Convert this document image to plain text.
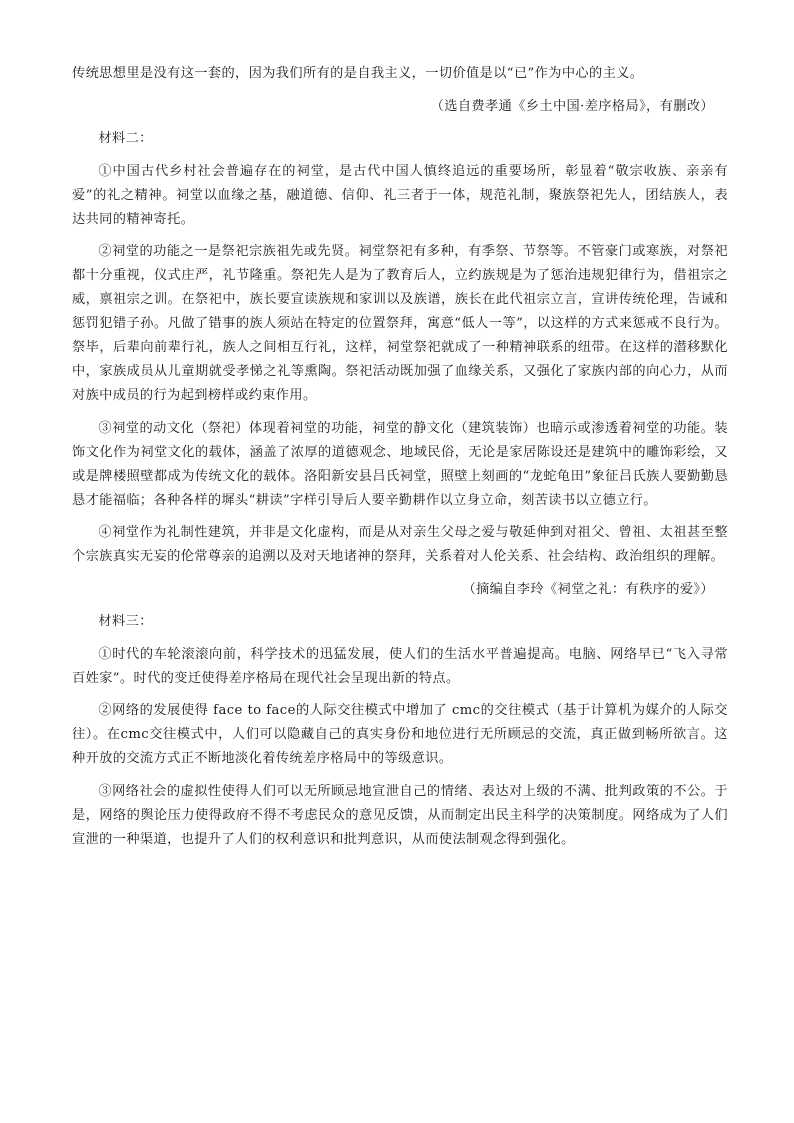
传统思想里是没有这一套的，因为我们所有的是自我主义，一切价值是以“已”作为中心的主义。

（选自费孝通《乡土中国·差序格局》，有删改）

材料二：

①中国古代乡村社会普遍存在的祠堂，是古代中国人慎终追远的重要场所，彰显着“敬宗收族、亲亲有爱”的礼之精神。祠堂以血缘之基，融道德、信仰、礼三者于一体，规范礼制，聚族祭祀先人，团结族人，表达共同的精神寄托。

②祠堂的功能之一是祭祀宗族祖先或先贤。祠堂祭祀有多种，有季祭、节祭等。不管豪门或寒族，对祭祀都十分重视，仪式庄严，礼节隆重。祭祀先人是为了教育后人，立约族规是为了惩治违规犯律行为，借祖宗之威，禀祖宗之训。在祭祀中，族长要宣读族规和家训以及族谱，族长在此代祖宗立言，宣讲传统伦理，告诫和惩罚犯错子孙。凡做了错事的族人须站在特定的位置祭拜，寓意“低人一等”，以这样的方式来惩戒不良行为。祭毕，后辈向前辈行礼，族人之间相互行礼，这样，祠堂祭祀就成了一种精神联系的纽带。在这样的潜移默化中，家族成员从儿童期就受孝悌之礼等熏陶。祭祀活动既加强了血缘关系，又强化了家族内部的向心力，从而对族中成员的行为起到榜样或约束作用。

③祠堂的动文化（祭祀）体现着祠堂的功能，祠堂的静文化（建筑装饰）也暗示或渗透着祠堂的功能。装饰文化作为祠堂文化的载体，涵盖了浓厚的道德观念、地域民俗，无论是家居陈设还是建筑中的雕饰彩绘，又或是牌楼照壁都成为传统文化的载体。洛阳新安县吕氏祠堂，照壁上刻画的“龙蛇龟田”象征吕氏族人要勤勤恳恳才能福临；各种各样的墀头“耕读”字样引导后人要辛勤耕作以立身立命，刻苦读书以立德立行。

④祠堂作为礼制性建筑，并非是文化虚构，而是从对亲生父母之爱与敬延伸到对祖父、曾祖、太祖甚至整个宗族真实无妄的伦常尊亲的追溯以及对天地诸神的祭拜，关系着对人伦关系、社会结构、政治组织的理解。

（摘编自李玲《祠堂之礼：有秩序的爱》）

材料三：

①时代的车轮滚滚向前，科学技术的迅猛发展，使人们的生活水平普遍提高。电脑、网络早已“飞入寻常百姓家”。时代的变迁使得差序格局在现代社会呈现出新的特点。

②网络的发展使得 face to face的人际交往模式中增加了 cmc的交往模式（基于计算机为媒介的人际交往）。在cmc交往模式中，人们可以隐藏自己的真实身份和地位进行无所顾忌的交流，真正做到畅所欲言。这种开放的交流方式正不断地淡化着传统差序格局中的等级意识。

③网络社会的虚拟性使得人们可以无所顾忌地宣泄自己的情绪、表达对上级的不满、批判政策的不公。于是，网络的舆论压力使得政府不得不考虑民众的意见反馈，从而制定出民主科学的决策制度。网络成为了人们宣泄的一种渠道，也提升了人们的权利意识和批判意识，从而使法制观念得到强化。
